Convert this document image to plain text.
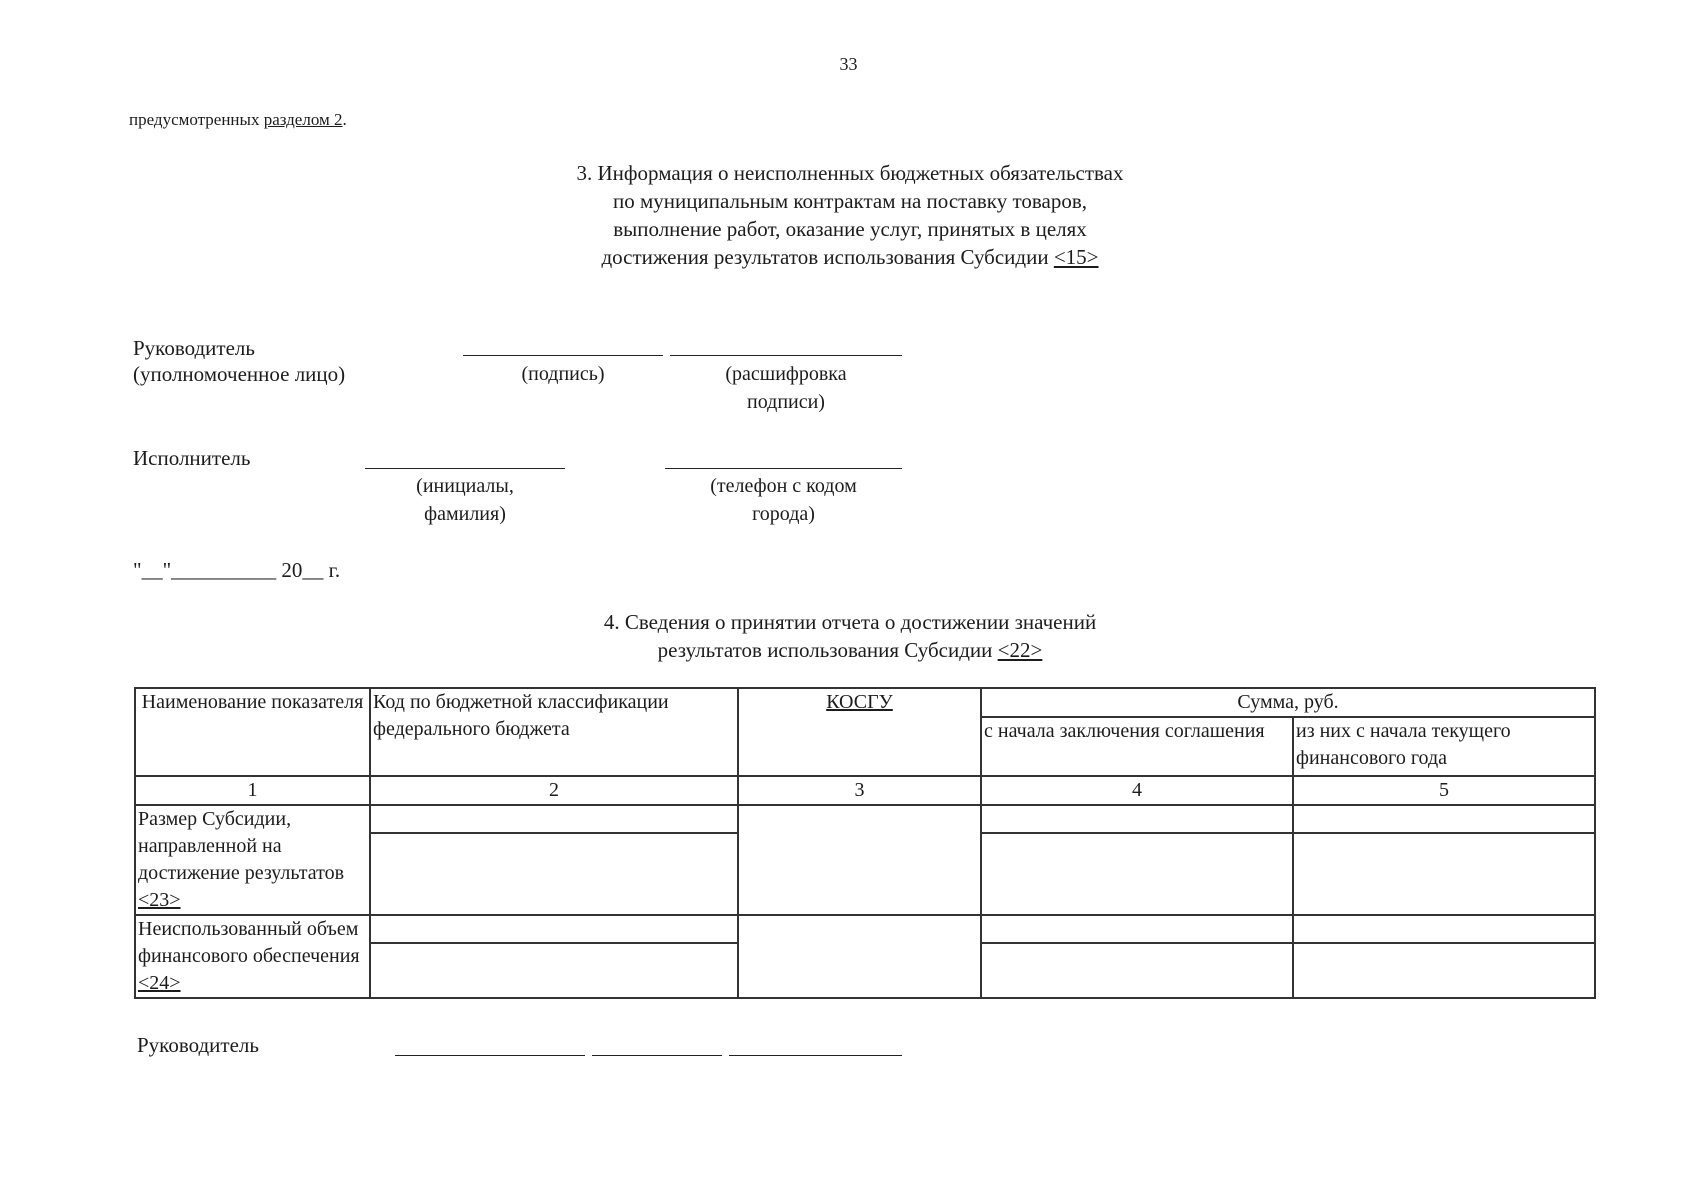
33
предусмотренных разделом 2.
3. Информация о неисполненных бюджетных обязательствах
по муниципальным контрактам на поставку товаров,
выполнение работ, оказание услуг, принятых в целях
достижения результатов использования Субсидии <15>
Руководитель
(уполномоченное лицо)	(подпись)	(расшифровка
подписи)
Исполнитель
(инициалы,
фамилия)
(телефон с кодом
города)
"__"__________ 20__ г.
4. Сведения о принятии отчета о достижении значений
результатов использования Субсидии <22>
Наименование показателя	Код по бюджетной классификации федерального бюджета	КОСГУ	Сумма, руб.	
			с начала заключения соглашения	из них с начала текущего финансового года
1	2	3	4	5
Размер Субсидии, направленной на достижение результатов <23>				

Неиспользованный объем финансового обеспечения <24>				

Руководитель
